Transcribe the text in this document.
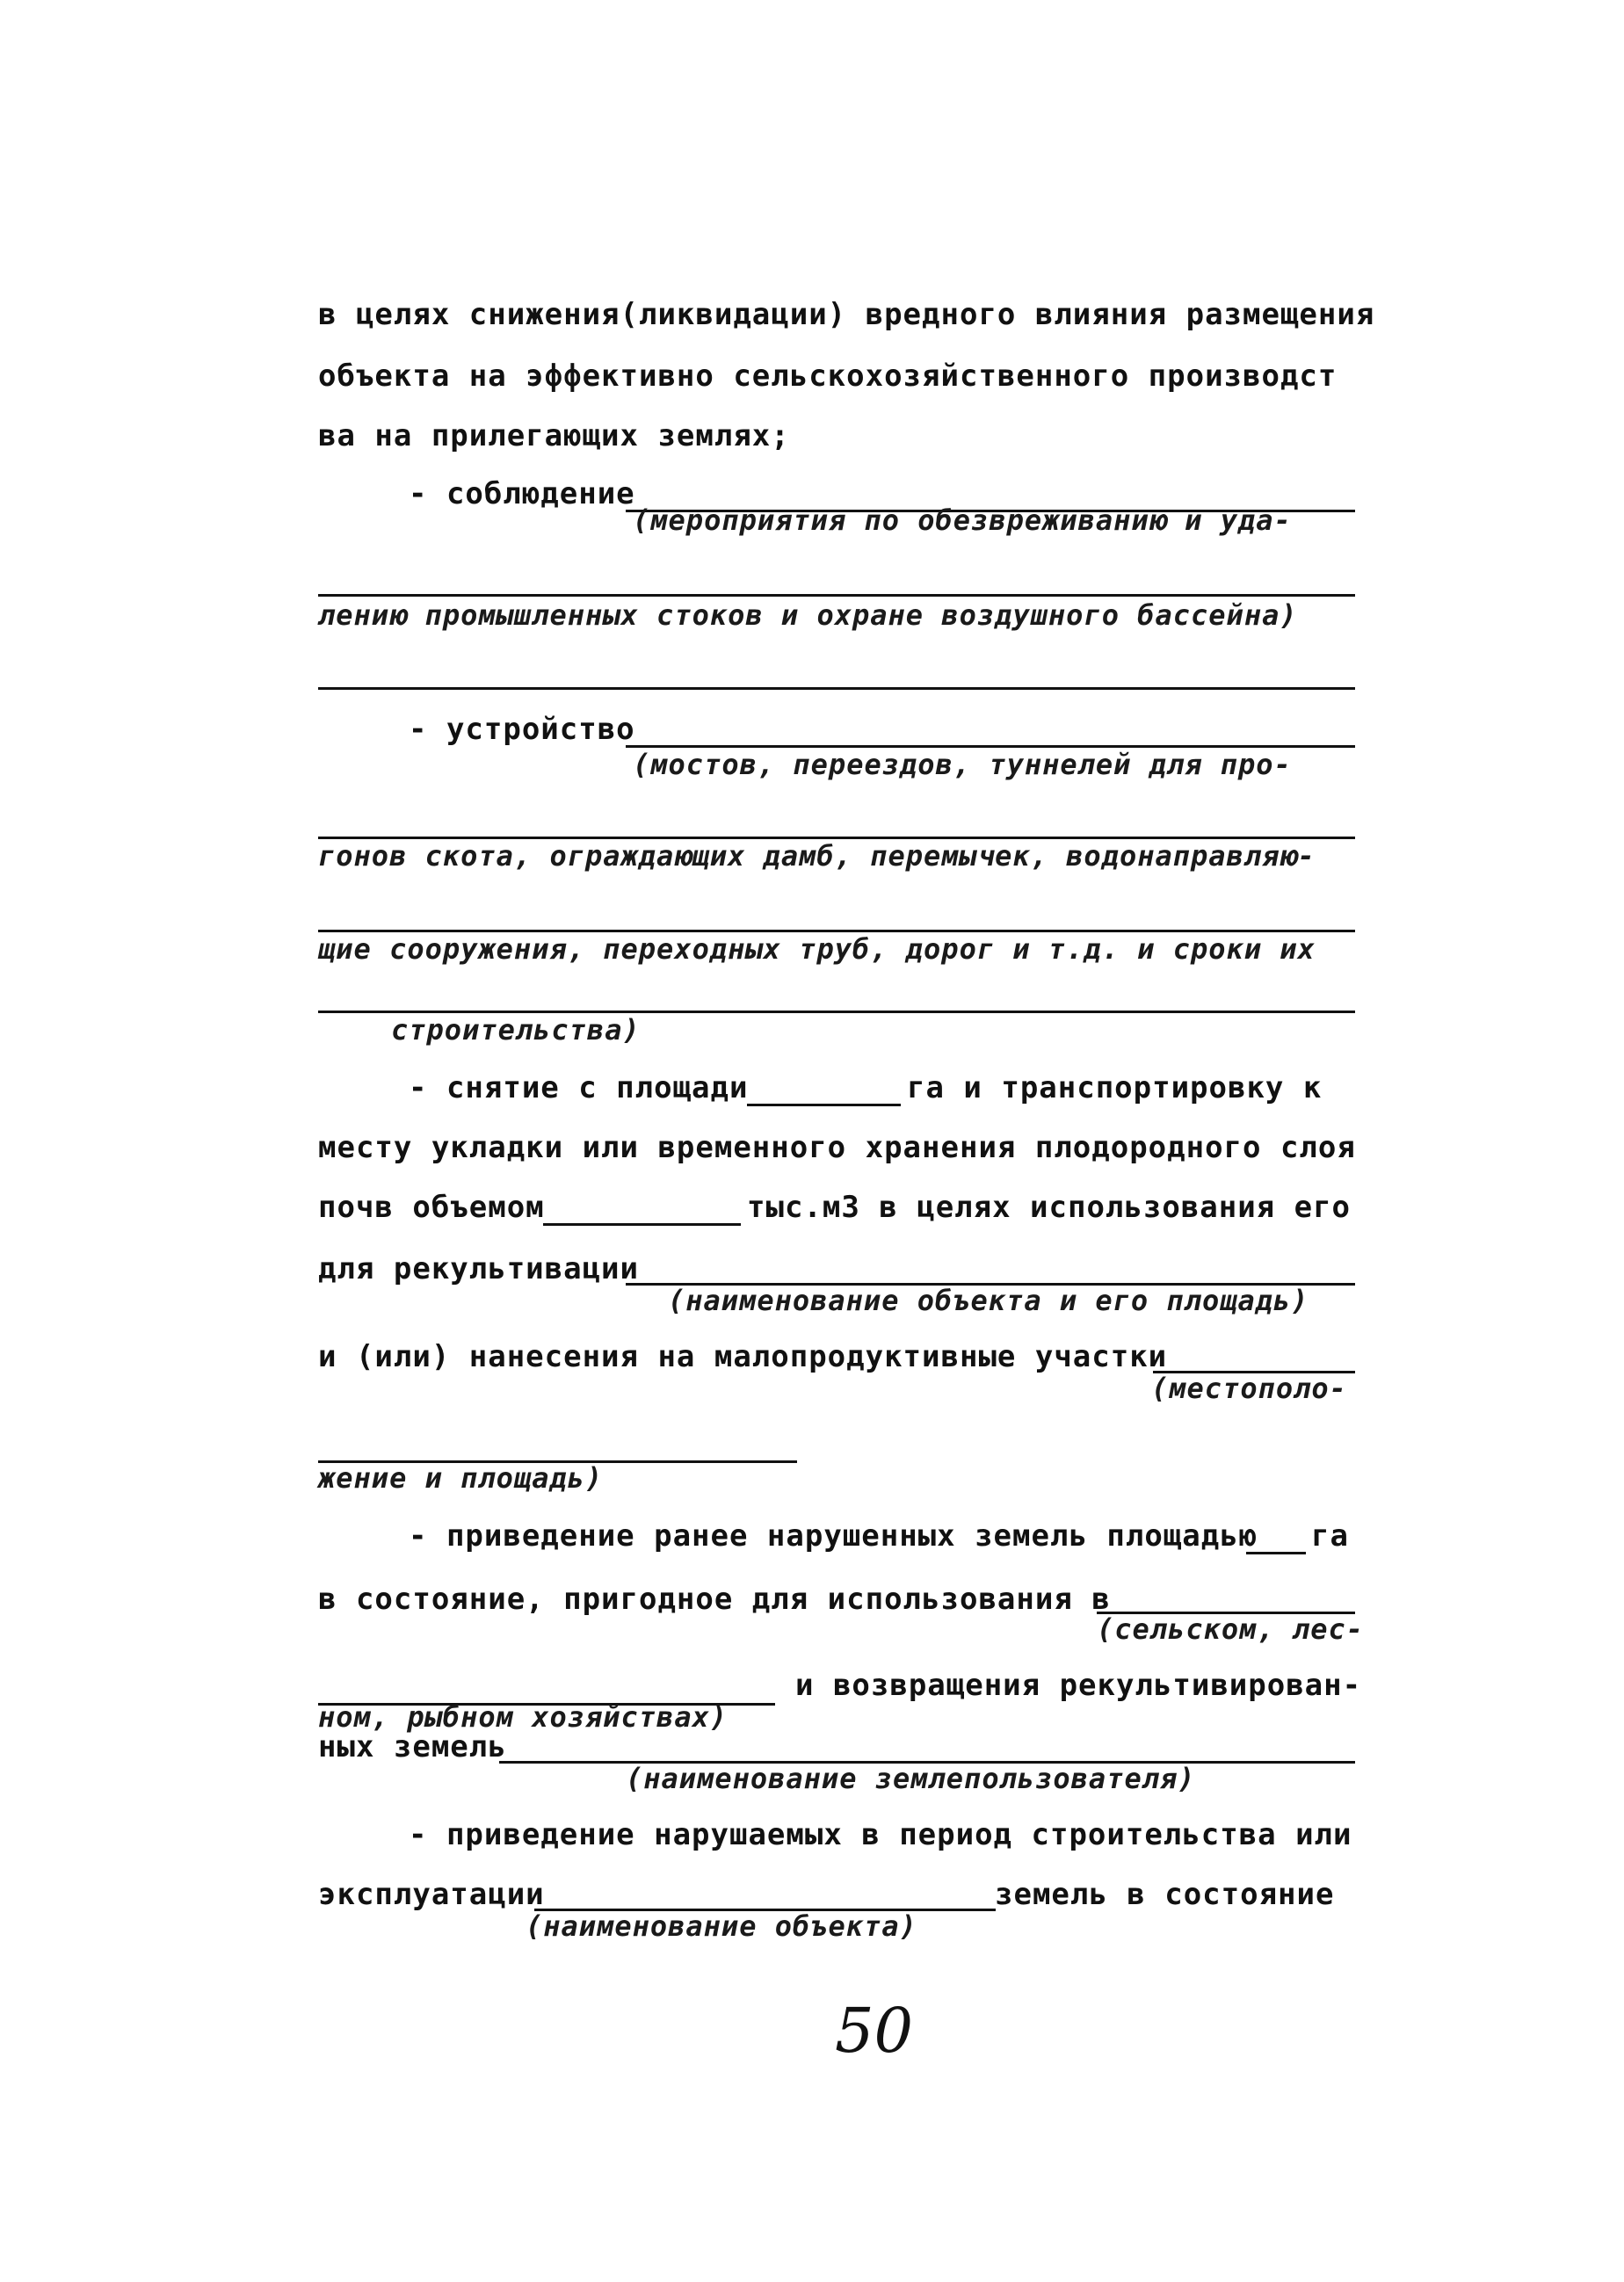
в целях снижения(ликвидации) вредного влияния размещения
объекта на эффективно сельскохозяйственного производст
ва на прилегающих землях;
- соблюдение
(мероприятия по обезвреживанию и уда-
лению промышленных стоков и охране воздушного бассейна)
- устройство
(мостов, переездов, туннелей для про-
гонов скота, ограждающих дамб, перемычек, водонаправляю-
щие сооружения, переходных труб, дорог и т.д. и сроки их
строительства)
- снятие с площади	га и транспортировку к
месту укладки или временного хранения плодородного слоя
почв объемом	тыс.м3 в целях использования его
для рекультивации
(наименование объекта и его площадь)
и (или) нанесения на малопродуктивные участки
(местополо-
жение и площадь)
- приведение ранее нарушенных земель площадью га
в состояние, пригодное для использования в
(сельском, лес-
ном, рыбном хозяйствах)
и возвращения рекультивирован-
ных земель
(наименование землепользователя)
- приведение нарушаемых в период строительства или
эксплуатации
(наименование объекта)
земель в состояние
50
